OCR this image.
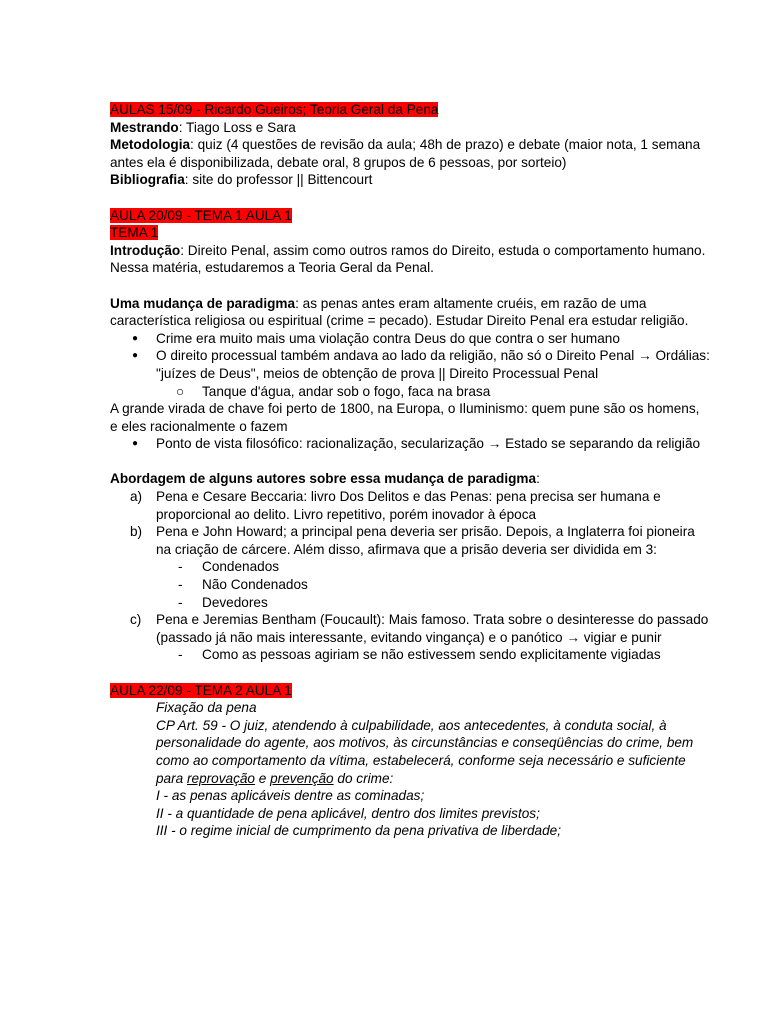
AULAS 15/09 - Ricardo Gueiros; Teoria Geral da Pena

Mestrando: Tiago Loss e Sara

Metodologia: quiz (4 questões de revisão da aula; 48h de prazo) e debate (maior nota, 1 semana antes ela é disponibilizada, debate oral, 8 grupos de 6 pessoas, por sorteio)

Bibliografia: site do professor || Bittencourt

AULA 20/09 - TEMA 1 AULA 1

TEMA 1

Introdução: Direito Penal, assim como outros ramos do Direito, estuda o comportamento humano.

Nessa matéria, estudaremos a Teoria Geral da Penal.

Uma mudança de paradigma: as penas antes eram altamente cruéis, em razão de uma característica religiosa ou espiritual (crime = pecado). Estudar Direito Penal era estudar religião.

● Crime era muito mais uma violação contra Deus do que contra o ser humano
● O direito processual também andava ao lado da religião, não só o Direito Penal → Ordálias: "juízes de Deus", meios de obtenção de prova || Direito Processual Penal
○ Tanque d'água, andar sob o fogo, faca na brasa

A grande virada de chave foi perto de 1800, na Europa, o Iluminismo: quem pune são os homens, e eles racionalmente o fazem

● Ponto de vista filosófico: racionalização, secularização → Estado se separando da religião

Abordagem de alguns autores sobre essa mudança de paradigma:

a) Pena e Cesare Beccaria: livro Dos Delitos e das Penas: pena precisa ser humana e proporcional ao delito. Livro repetitivo, porém inovador à época
b) Pena e John Howard; a principal pena deveria ser prisão. Depois, a Inglaterra foi pioneira na criação de cárcere. Além disso, afirmava que a prisão deveria ser dividida em 3:
- Condenados
- Não Condenados
- Devedores
c) Pena e Jeremias Bentham (Foucault): Mais famoso. Trata sobre o desinteresse do passado (passado já não mais interessante, evitando vingança) e o panótico → vigiar e punir
- Como as pessoas agiriam se não estivessem sendo explicitamente vigiadas

AULA 22/09 - TEMA 2 AULA 1

Fixação da pena

CP Art. 59 - O juiz, atendendo à culpabilidade, aos antecedentes, à conduta social, à personalidade do agente, aos motivos, às circunstâncias e conseqüências do crime, bem como ao comportamento da vítima, estabelecerá, conforme seja necessário e suficiente para reprovação e prevenção do crime:

I - as penas aplicáveis dentre as cominadas;

II - a quantidade de pena aplicável, dentro dos limites previstos;

III - o regime inicial de cumprimento da pena privativa de liberdade;
